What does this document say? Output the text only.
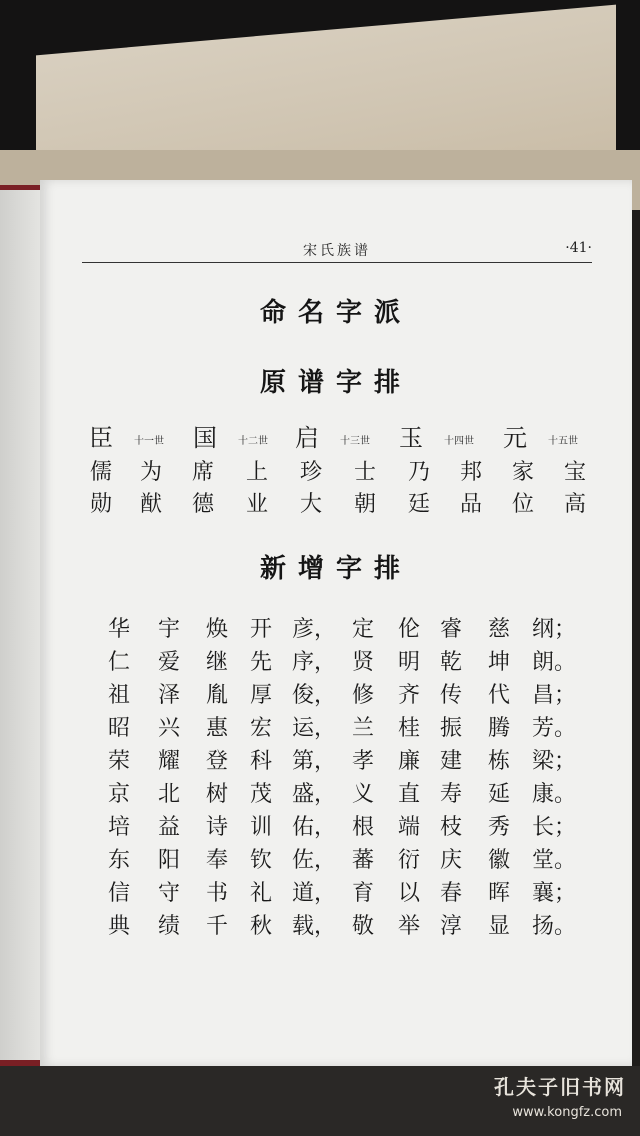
宋氏族谱	·41·
命名字派
原谱字排
臣	十一世 国	十二世 启	十三世 玉	十四世 元	十五世
儒 为 席 上 珍 士 乃 邦 家 宝
勋 猷 德 业 大 朝 廷 品 位 高
新增字排
华 宇 焕 开 彦， 定 伦 睿 慈 纲；
仁 爱 继 先 序， 贤 明 乾 坤 朗。
祖 泽 胤 厚 俊， 修 齐 传 代 昌；
昭 兴 惠 宏 运， 兰 桂 振 腾 芳。
荣 耀 登 科 第， 孝 廉 建 栋 梁；
京 北 树 茂 盛， 义 直 寿 延 康。
培 益 诗 训 佑， 根 端 枝 秀 长；
东 阳 奉 钦 佐， 蕃 衍 庆 徽 堂。
信 守 书 礼 道， 育 以 春 晖 襄；
典 绩 千 秋 载， 敬 举 淳 显 扬。
孔夫子旧书网
www.kongfz.com
